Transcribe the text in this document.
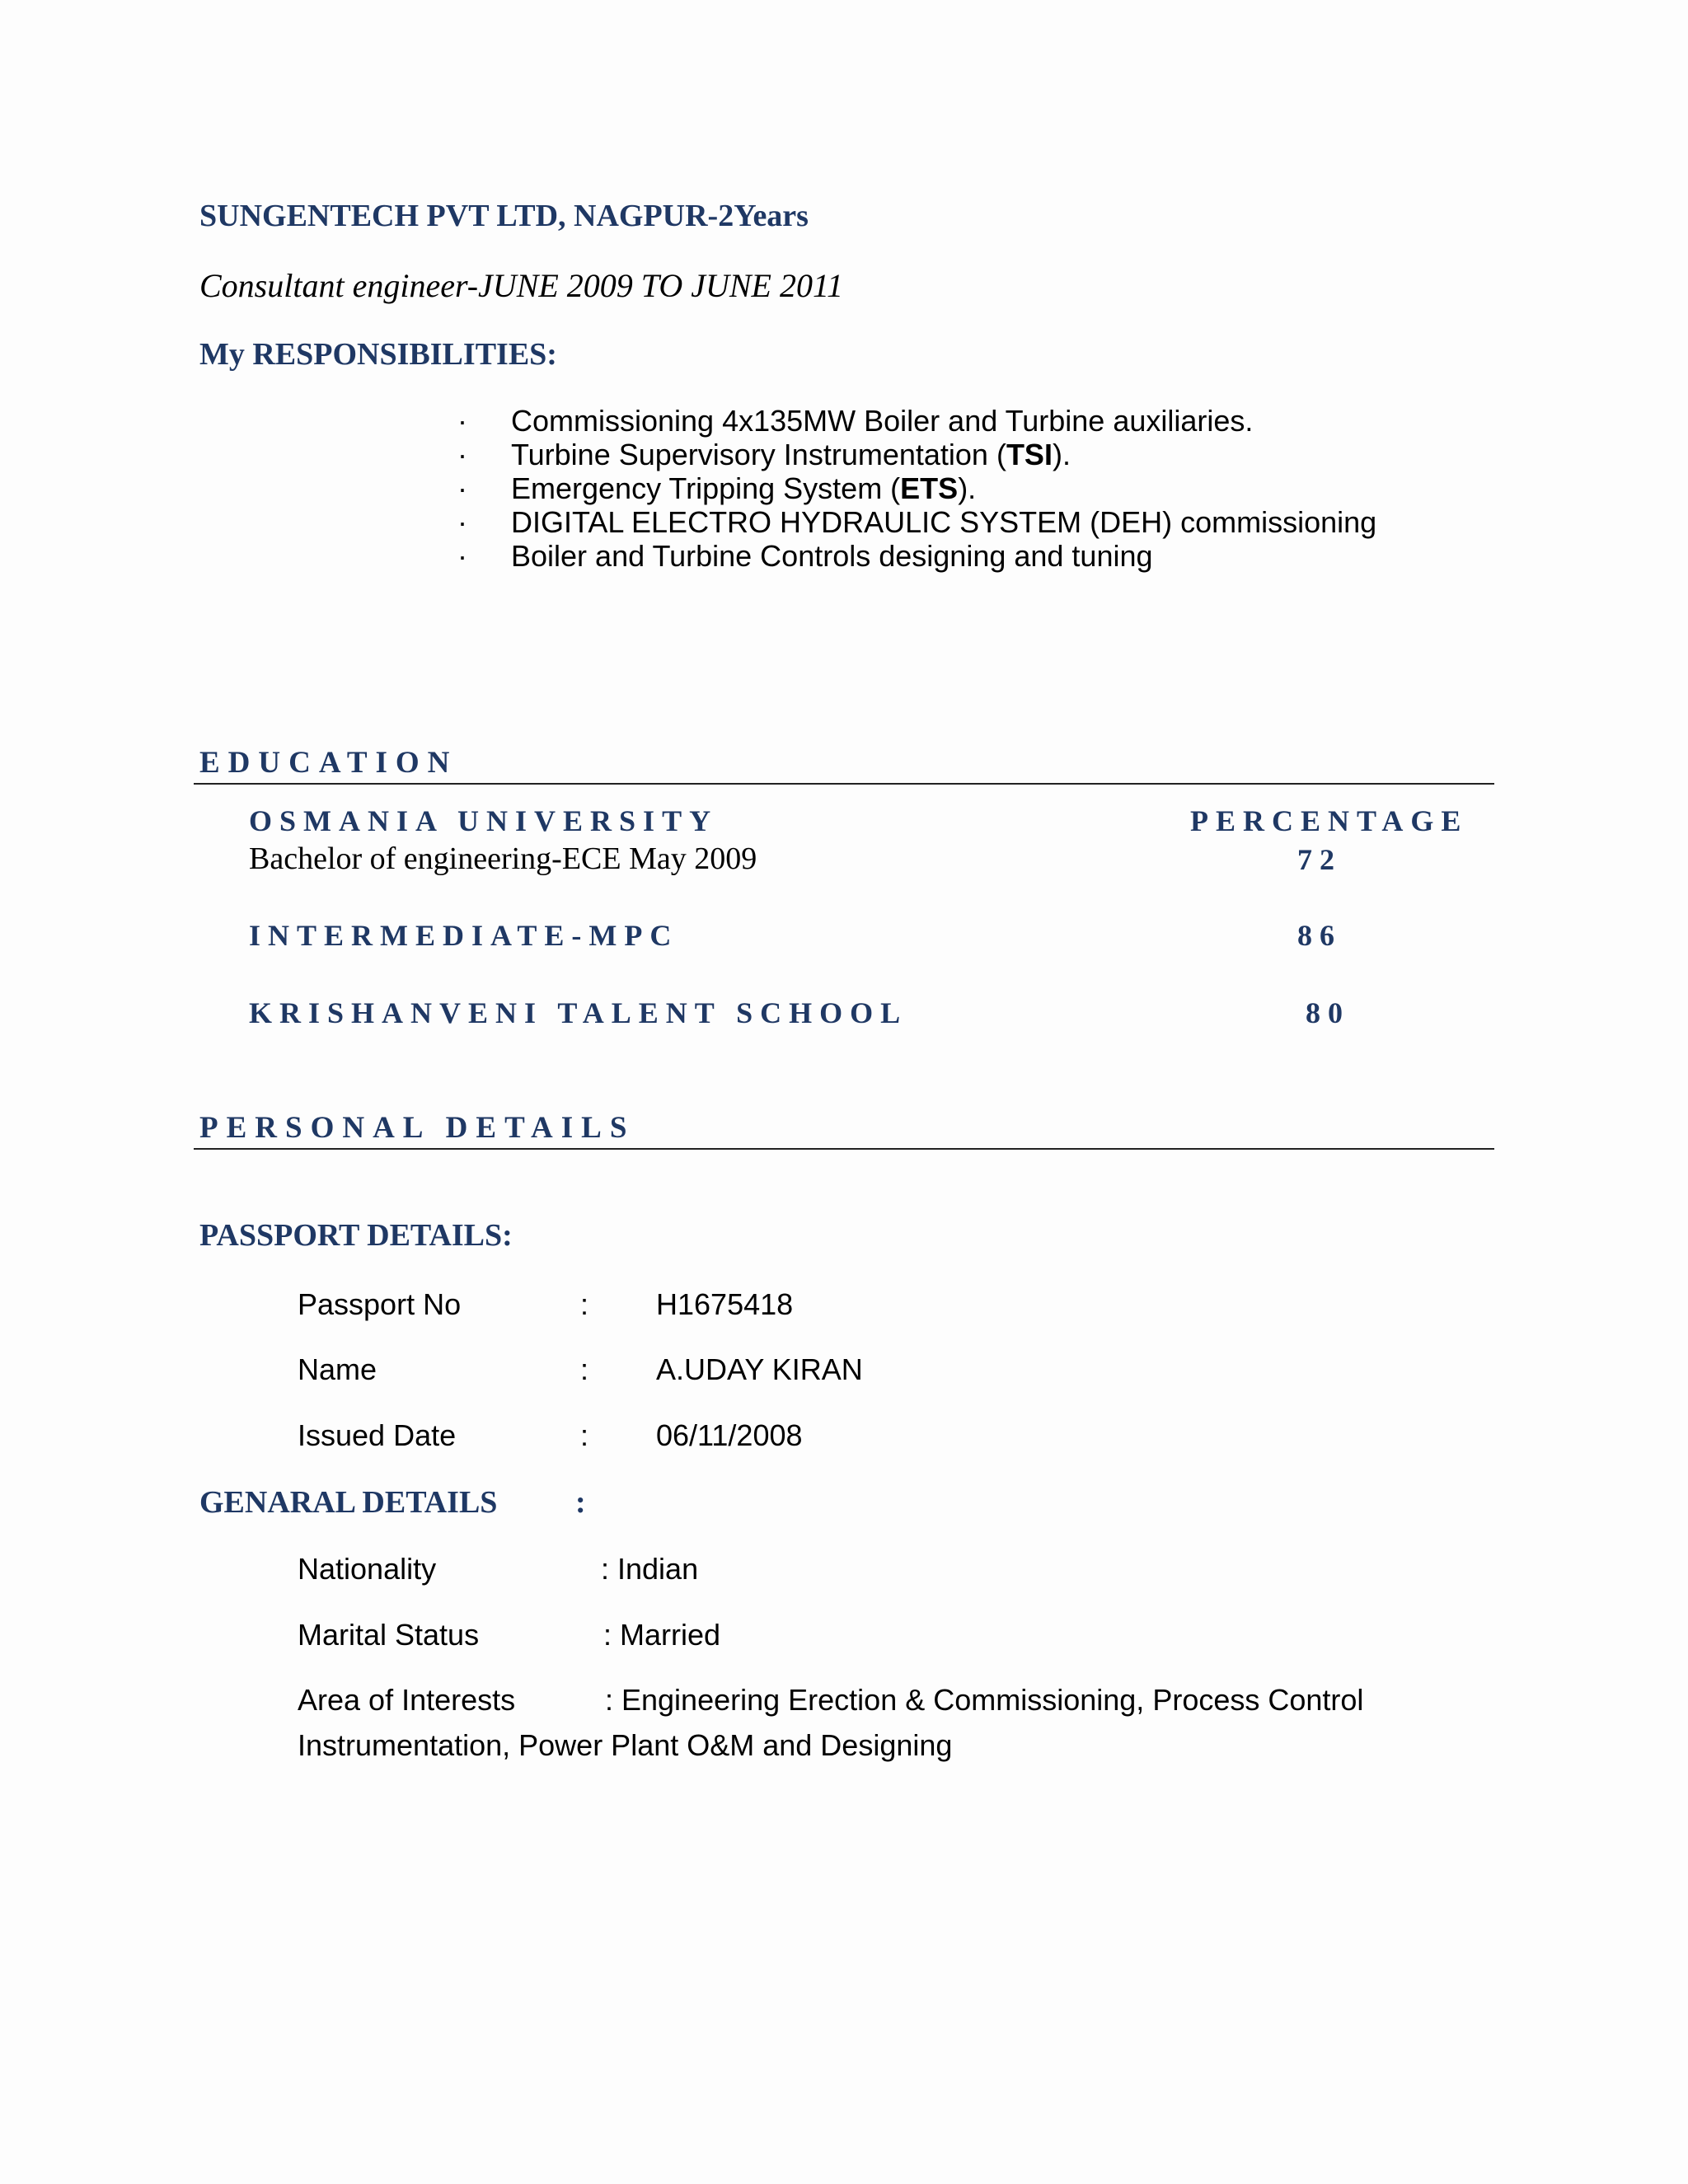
SUNGENTECH PVT LTD, NAGPUR-2Years
Consultant engineer-JUNE 2009 TO JUNE 2011
My RESPONSIBILITIES:
·	Commissioning 4x135MW Boiler and Turbine auxiliaries.
·	Turbine Supervisory Instrumentation (TSI).
·	Emergency Tripping System (ETS).
·	DIGITAL ELECTRO HYDRAULIC SYSTEM (DEH) commissioning
·	Boiler and Turbine Controls designing and tuning
EDUCATION
OSMANIA UNIVERSITY	PERCENTAGE
Bachelor of engineering-ECE May 2009	72
INTERMEDIATE-MPC	86
KRISHANVENI TALENT SCHOOL	80
PERSONAL DETAILS
PASSPORT DETAILS:
Passport No	: H1675418
Name	: A.UDAY KIRAN
Issued Date	: 06/11/2008
GENARAL DETAILS :
Nationality	: Indian
Marital Status	: Married
Area of Interests	: Engineering Erection & Commissioning, Process Control
Instrumentation, Power Plant O&M and Designing
